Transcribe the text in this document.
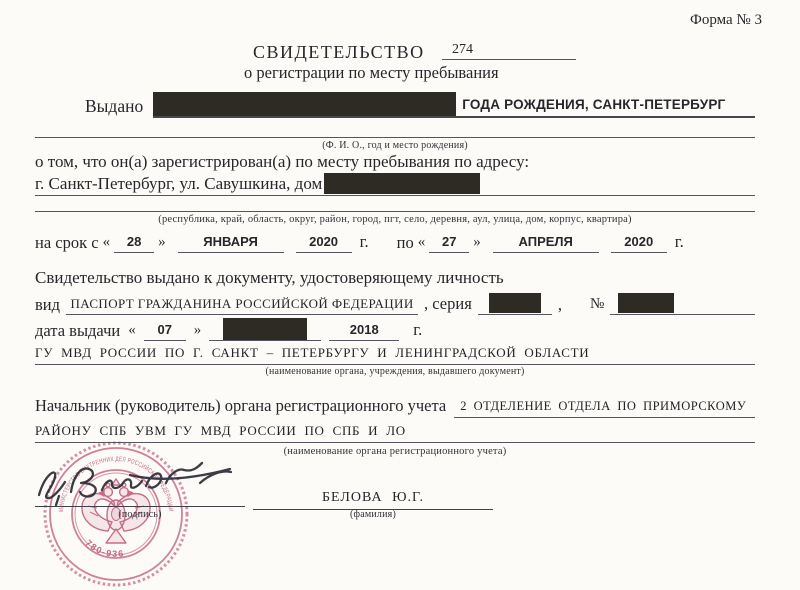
МИНИСТЕРСТВО ВНУТРЕННИХ ДЕЛ РОССИЙСКОЙ ФЕДЕРАЦИИ
780-936
Форма № 3
СВИДЕТЕЛЬСТВО	274
о регистрации по месту пребывания
Выдано	ГОДА РОЖДЕНИЯ, САНКТ-ПЕТЕРБУРГ
(Ф. И. О., год и место рождения)
о том, что он(а) зарегистрирован(а) по месту пребывания по адресу:
г. Санкт-Петербург, ул. Савушкина, дом
(республика, край, область, округ, район, город, пгт, село, деревня, аул, улица, дом, корпус, квартира)
на срок с «	28	»	ЯНВАРЯ	2020	г. по «	27	»	АПРЕЛЯ	2020	г.
Свидетельство выдано к документу, удостоверяющему личность
вид ПАСПОРТ ГРАЖДАНИНА РОССИЙСКОЙ ФЕДЕРАЦИИ , серия	, №
дата выдачи «	07	»	2018	г.
ГУ МВД РОССИИ ПО Г. САНКТ – ПЕТЕРБУРГУ И ЛЕНИНГРАДСКОЙ ОБЛАСТИ
(наименование органа, учреждения, выдавшего документ)
Начальник (руководитель) органа регистрационного учета	2 ОТДЕЛЕНИЕ ОТДЕЛА ПО ПРИМОРСКОМУ
РАЙОНУ СПБ УВМ ГУ МВД РОССИИ ПО СПБ И ЛО
(наименование органа регистрационного учета)
(подпись)
БЕЛОВА Ю.Г.
(фамилия)
